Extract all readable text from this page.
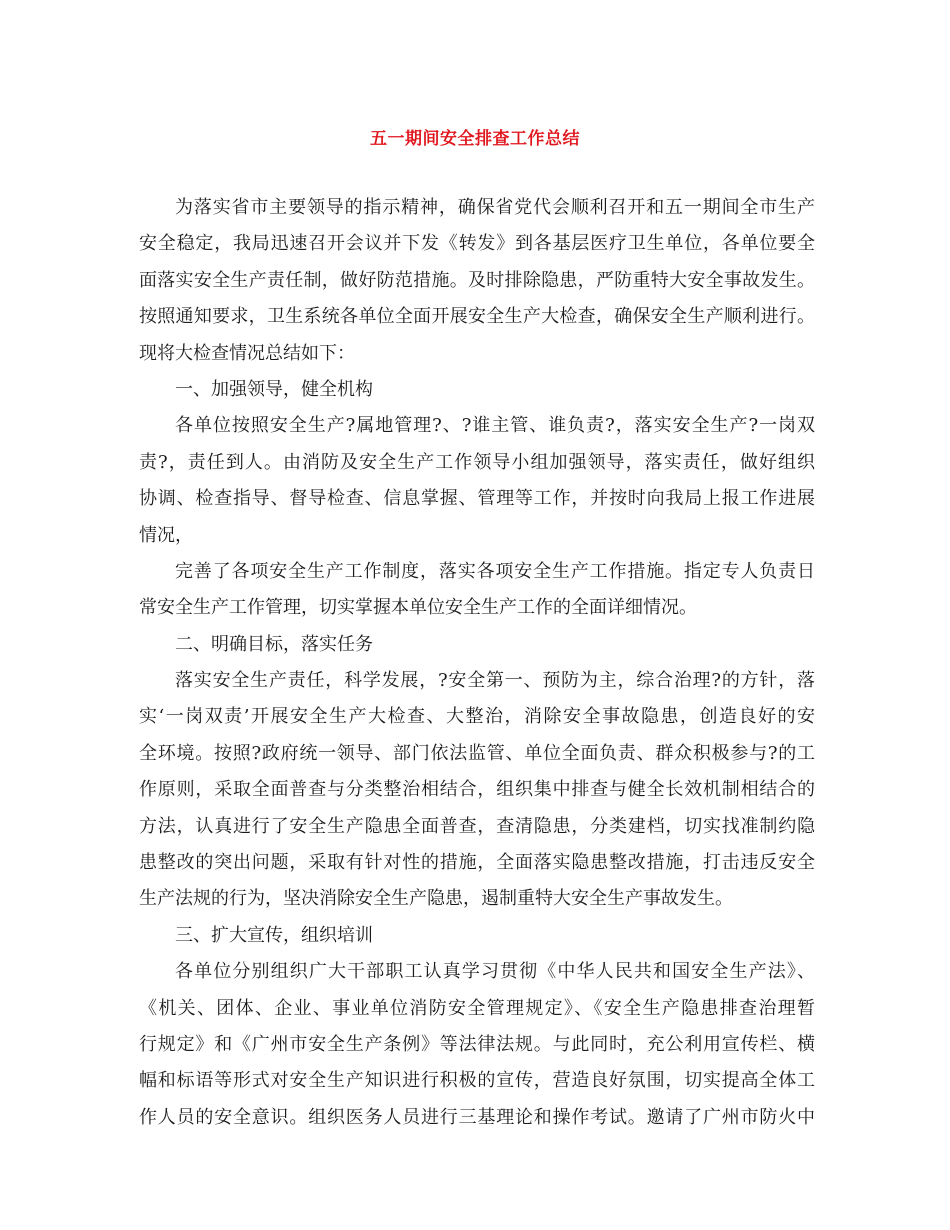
五一期间安全排查工作总结
为落实省市主要领导的指示精神，确保省党代会顺利召开和五一期间全市生产
安全稳定，我局迅速召开会议并下发《转发》到各基层医疗卫生单位，各单位要全
面落实安全生产责任制，做好防范措施。及时排除隐患，严防重特大安全事故发生。
按照通知要求，卫生系统各单位全面开展安全生产大检查，确保安全生产顺利进行。
现将大检查情况总结如下：
一、加强领导，健全机构
各单位按照安全生产?属地管理?、?谁主管、谁负责?，落实安全生产?一岗双
责?，责任到人。由消防及安全生产工作领导小组加强领导，落实责任，做好组织
协调、检查指导、督导检查、信息掌握、管理等工作，并按时向我局上报工作进展
情况，
完善了各项安全生产工作制度，落实各项安全生产工作措施。指定专人负责日
常安全生产工作管理，切实掌握本单位安全生产工作的全面详细情况。
二、明确目标，落实任务
落实安全生产责任，科学发展，?安全第一、预防为主，综合治理?的方针，落
实‘一岗双责’开展安全生产大检查、大整治，消除安全事故隐患，创造良好的安
全环境。按照?政府统一领导、部门依法监管、单位全面负责、群众积极参与?的工
作原则，采取全面普查与分类整治相结合，组织集中排查与健全长效机制相结合的
方法，认真进行了安全生产隐患全面普查，查清隐患，分类建档，切实找准制约隐
患整改的突出问题，采取有针对性的措施，全面落实隐患整改措施，打击违反安全
生产法规的行为，坚决消除安全生产隐患，遏制重特大安全生产事故发生。
三、扩大宣传，组织培训
各单位分别组织广大干部职工认真学习贯彻《中华人民共和国安全生产法》、
《机关、团体、企业、事业单位消防安全管理规定》、《安全生产隐患排查治理暂
行规定》和《广州市安全生产条例》等法律法规。与此同时，充公利用宣传栏、横
幅和标语等形式对安全生产知识进行积极的宣传，营造良好氛围，切实提高全体工
作人员的安全意识。组织医务人员进行三基理论和操作考试。邀请了广州市防火中
